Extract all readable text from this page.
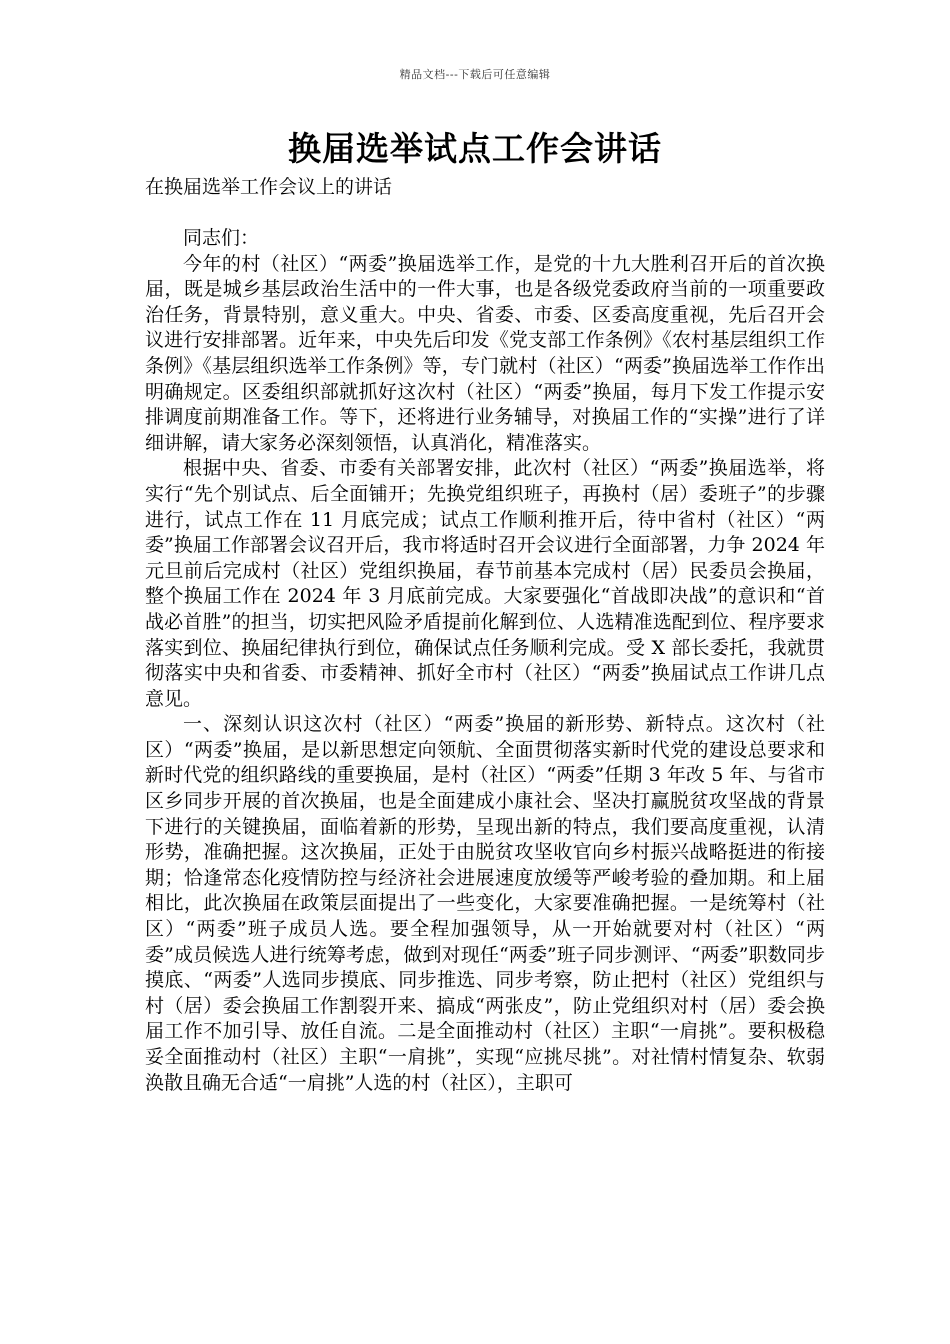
精品文档---下载后可任意编辑
换届选举试点工作会讲话
在换届选举工作会议上的讲话

同志们：

今年的村（社区）“两委”换届选举工作，是党的十九大胜利召开后的首次换届，既是城乡基层政治生活中的一件大事，也是各级党委政府当前的一项重要政治任务，背景特别，意义重大。中央、省委、市委、区委高度重视，先后召开会议进行安排部署。近年来，中央先后印发《党支部工作条例》《农村基层组织工作条例》《基层组织选举工作条例》等，专门就村（社区）“两委”换届选举工作作出明确规定。区委组织部就抓好这次村（社区）“两委”换届，每月下发工作提示安排调度前期准备工作。等下，还将进行业务辅导，对换届工作的“实操”进行了详细讲解，请大家务必深刻领悟，认真消化，精准落实。

根据中央、省委、市委有关部署安排，此次村（社区）“两委”换届选举，将实行“先个别试点、后全面铺开；先换党组织班子，再换村（居）委班子”的步骤进行，试点工作在 11 月底完成；试点工作顺利推开后，待中省村（社区）“两委”换届工作部署会议召开后，我市将适时召开会议进行全面部署，力争 2024 年元旦前后完成村（社区）党组织换届，春节前基本完成村（居）民委员会换届，整个换届工作在 2024 年 3 月底前完成。大家要强化“首战即决战”的意识和“首战必首胜”的担当，切实把风险矛盾提前化解到位、人选精准选配到位、程序要求落实到位、换届纪律执行到位，确保试点任务顺利完成。受 X 部长委托，我就贯彻落实中央和省委、市委精神、抓好全市村（社区）“两委”换届试点工作讲几点意见。

一、深刻认识这次村（社区）“两委”换届的新形势、新特点。这次村（社区）“两委”换届，是以新思想定向领航、全面贯彻落实新时代党的建设总要求和新时代党的组织路线的重要换届，是村（社区）“两委”任期 3 年改 5 年、与省市区乡同步开展的首次换届，也是全面建成小康社会、坚决打赢脱贫攻坚战的背景下进行的关键换届，面临着新的形势，呈现出新的特点，我们要高度重视，认清形势，准确把握。这次换届，正处于由脱贫攻坚收官向乡村振兴战略挺进的衔接期；恰逢常态化疫情防控与经济社会进展速度放缓等严峻考验的叠加期。和上届相比，此次换届在政策层面提出了一些变化，大家要准确把握。一是统筹村（社区）“两委”班子成员人选。要全程加强领导，从一开始就要对村（社区）“两委”成员候选人进行统筹考虑，做到对现任“两委”班子同步测评、“两委”职数同步摸底、“两委”人选同步摸底、同步推选、同步考察，防止把村（社区）党组织与村（居）委会换届工作割裂开来、搞成“两张皮”，防止党组织对村（居）委会换届工作不加引导、放任自流。二是全面推动村（社区）主职“一肩挑”。要积极稳妥全面推动村（社区）主职“一肩挑”，实现“应挑尽挑”。对社情村情复杂、软弱涣散且确无合适“一肩挑”人选的村（社区），主职可
